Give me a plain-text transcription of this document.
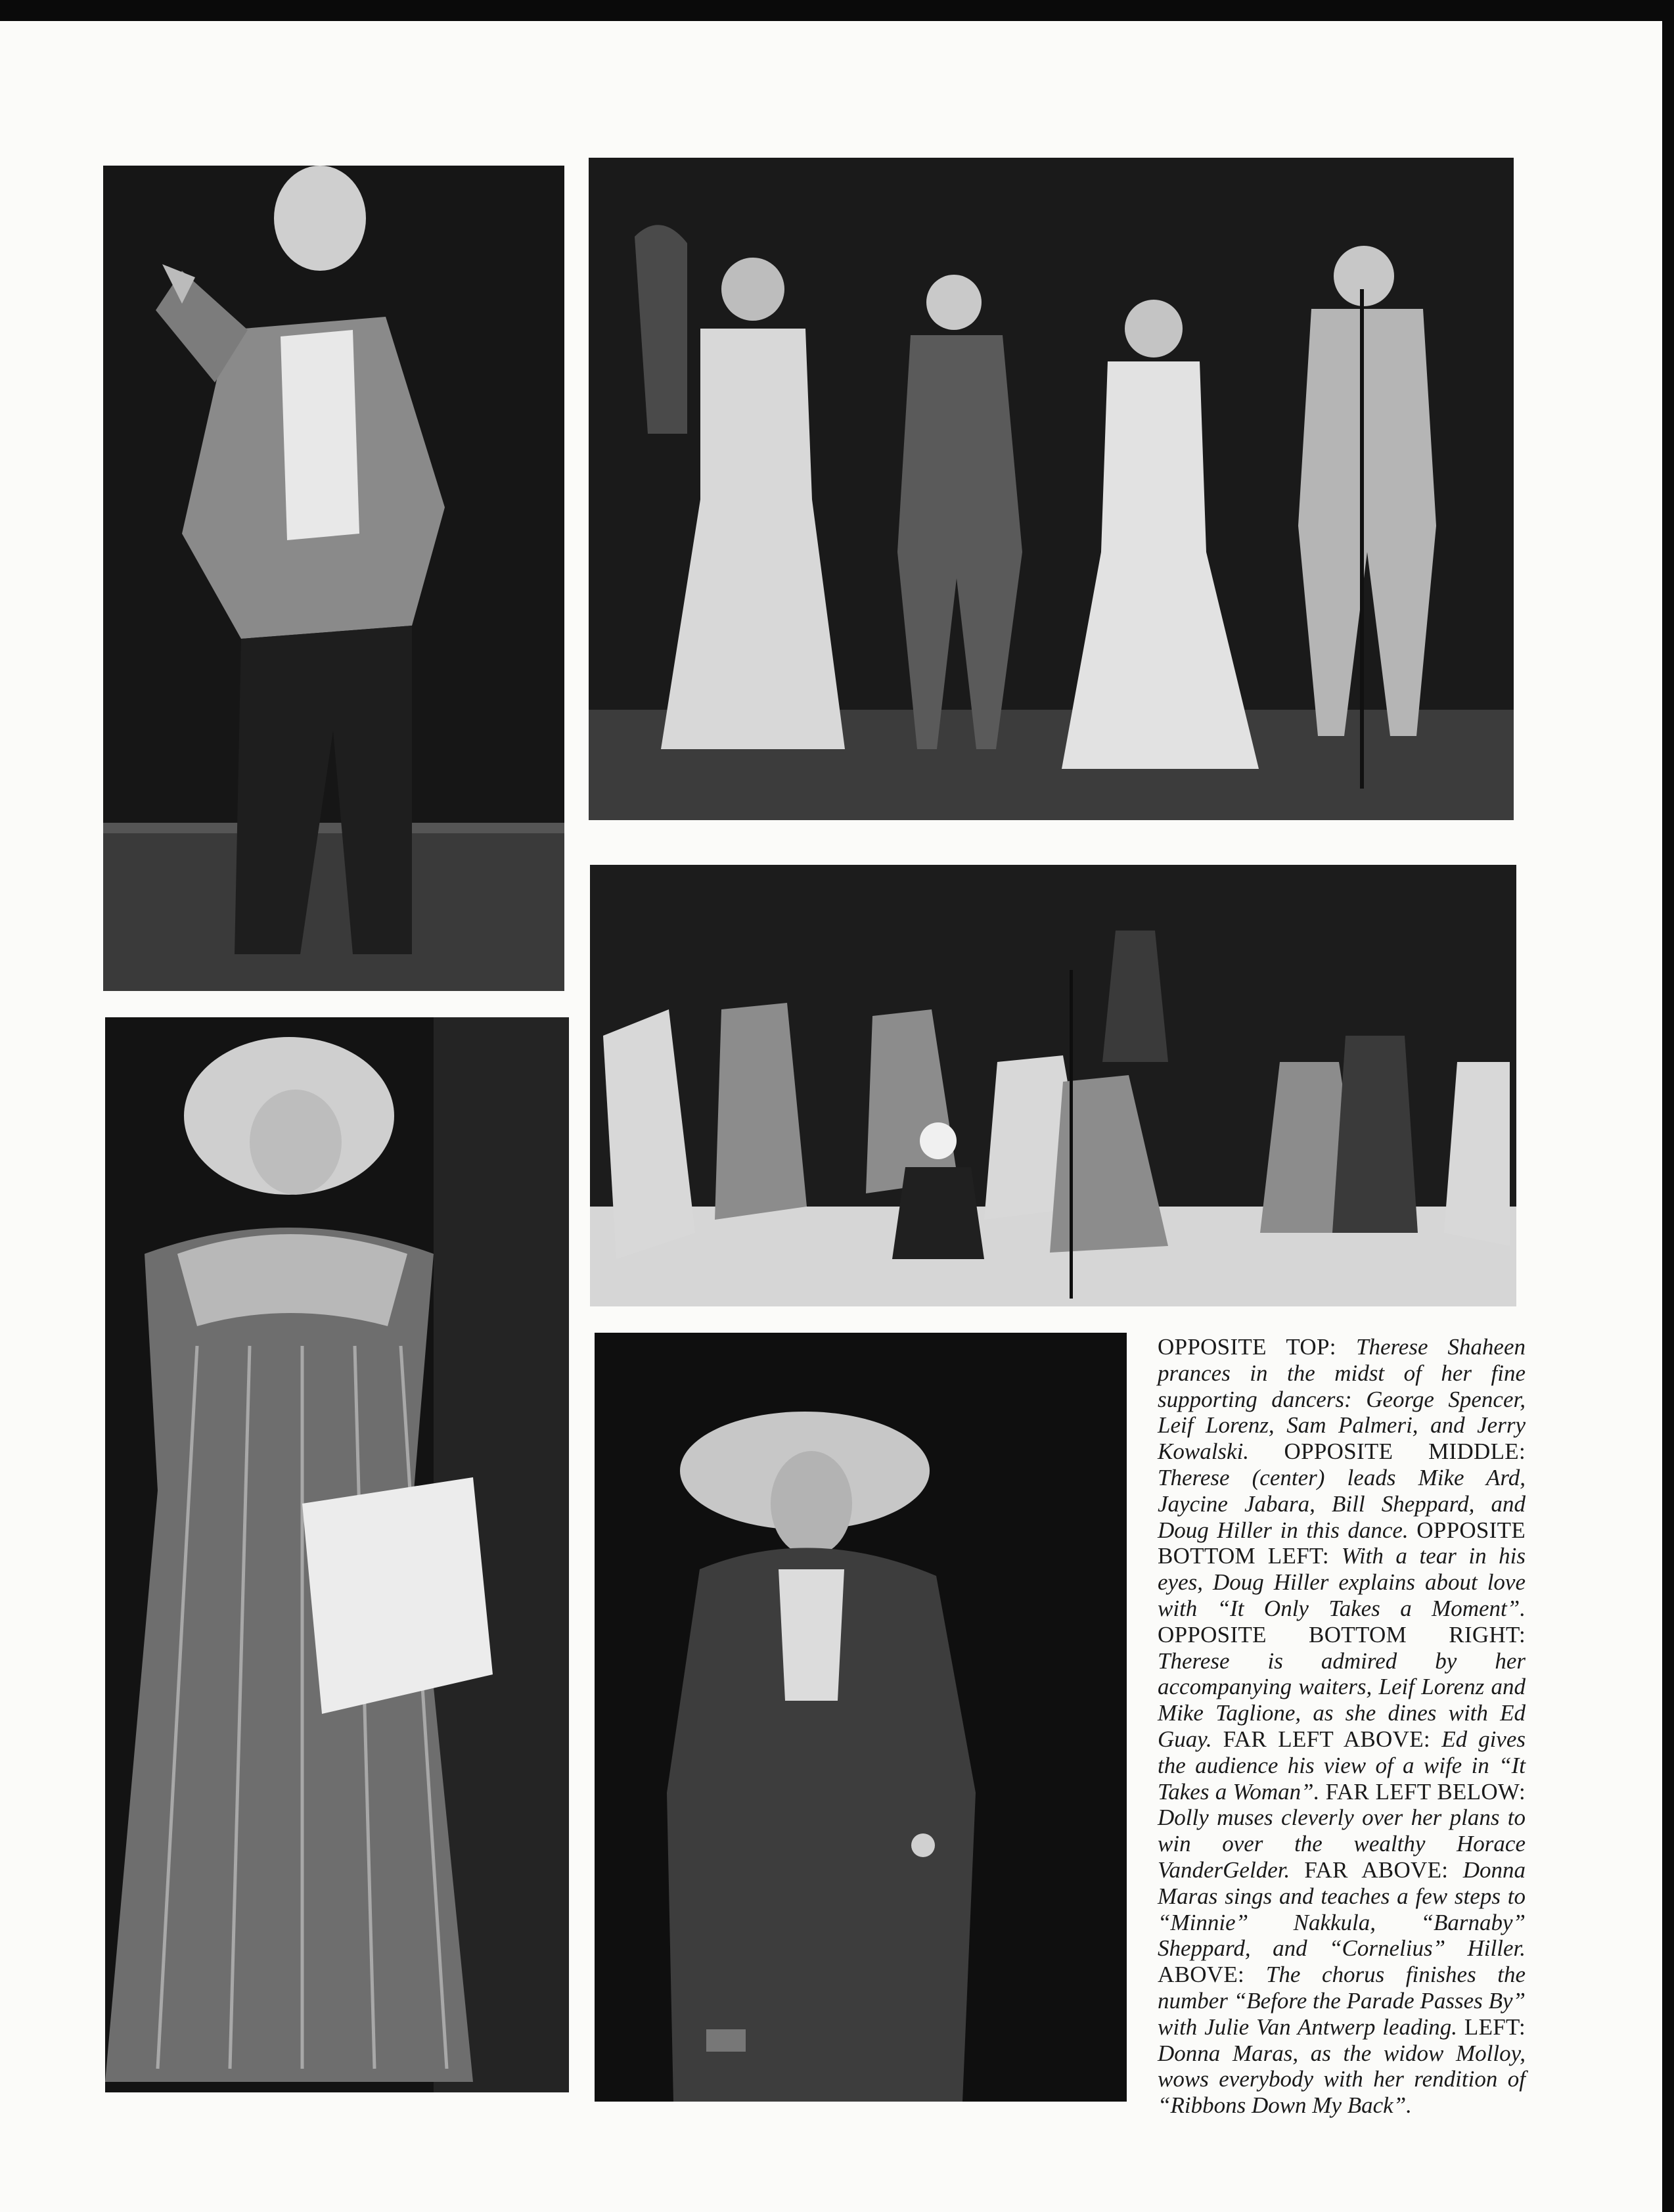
OPPOSITE TOP: Therese Shaheen prances in the midst of her fine supporting dancers: George Spencer, Leif Lorenz, Sam Palmeri, and Jerry Kowalski. OPPOSITE MIDDLE: Therese (center) leads Mike Ard, Jaycine Jabara, Bill Sheppard, and Doug Hiller in this dance. OPPOSITE BOTTOM LEFT: With a tear in his eyes, Doug Hiller explains about love with “It Only Takes a Moment”. OPPOSITE BOTTOM RIGHT: Therese is admired by her accompanying waiters, Leif Lorenz and Mike Taglione, as she dines with Ed Guay. FAR LEFT ABOVE: Ed gives the audience his view of a wife in “It Takes a Woman”. FAR LEFT BELOW: Dolly muses cleverly over her plans to win over the wealthy Horace VanderGelder. FAR ABOVE: Donna Maras sings and teaches a few steps to “Minnie” Nakkula, “Barnaby” Sheppard, and “Cornelius” Hiller. ABOVE: The chorus finishes the number “Before the Parade Passes By” with Julie Van Antwerp leading. LEFT: Donna Maras, as the widow Molloy, wows everybody with her rendition of “Ribbons Down My Back”.
